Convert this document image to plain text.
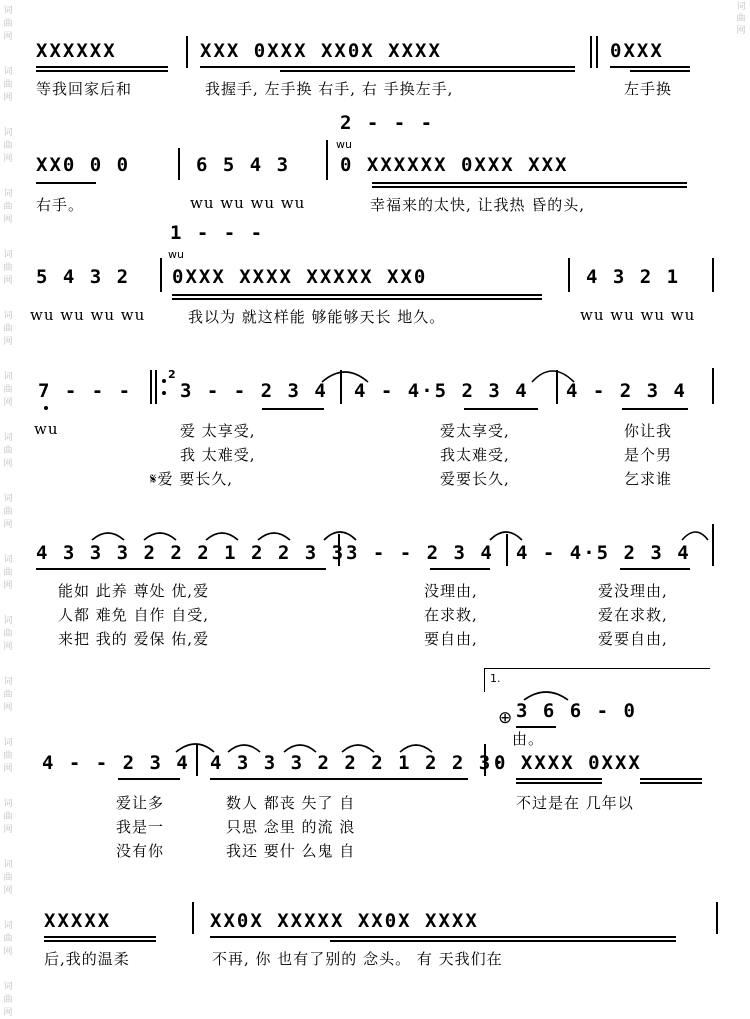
词
曲
网
词
曲
网
词
曲
网
词
曲
网
词
曲
网
词
曲
网
词
曲
网
词
曲
网
词
曲
网
词
曲
网
词
曲
网
词
曲
网
词
曲
网
词
曲
网
词
曲
网
词
曲
网
词
曲
网
词
曲
网
XXXXXX
等我回家后和
XXX 0XXX XX0X XXXX
我握手, 左手换 右手, 右 手换左手,
0XXX
左手换
2 - - -
wu
XX0 0 0
右手。
6 5 4 3
wu wu wu wu
0 XXXXXX 0XXX XXX
幸福来的太快, 让我热 昏的头,
1 - - -
wu
5 4 3 2
wu wu wu wu
0XXX XXXX XXXXX XX0
我以为 就这样能 够能够天长 地久。
4 3 2 1
wu wu wu wu
7 - - -
wu
2
3 - - 2 3 4
爱 太享受,
我 太难受,
𝄋爱 要长久,
4 - 4·5 2 3 4
爱太享受,
我太难受,
爱要长久,
4 - 2 3 4
你让我
是个男
乞求谁
4 3 3 3 2 2 2 1 2 2 3 3
能如 此养 尊处 优,爱
人都 难免 自作 自受,
来把 我的 爱保 佑,爱
3 - - 2 3 4
没理由,
在求救,
要自由,
4 - 4·5 2 3 4
爱没理由,
爱在求救,
爱要自由,
1.
⊕ 3 6 6 - 0
由。
4 - - 2 3 4
爱让多
我是一
没有你
4 3 3 3 2 2 2 1 2 2 3·
数人 都丧 失了 自
只思 念里 的流 浪
我还 要什 么鬼 自
0 XXXX 0XXX
不过是在 几年以
XXXXX
后,我的温柔
XX0X XXXXX XX0X XXXX
不再, 你 也有了别的 念头。 有 天我们在
